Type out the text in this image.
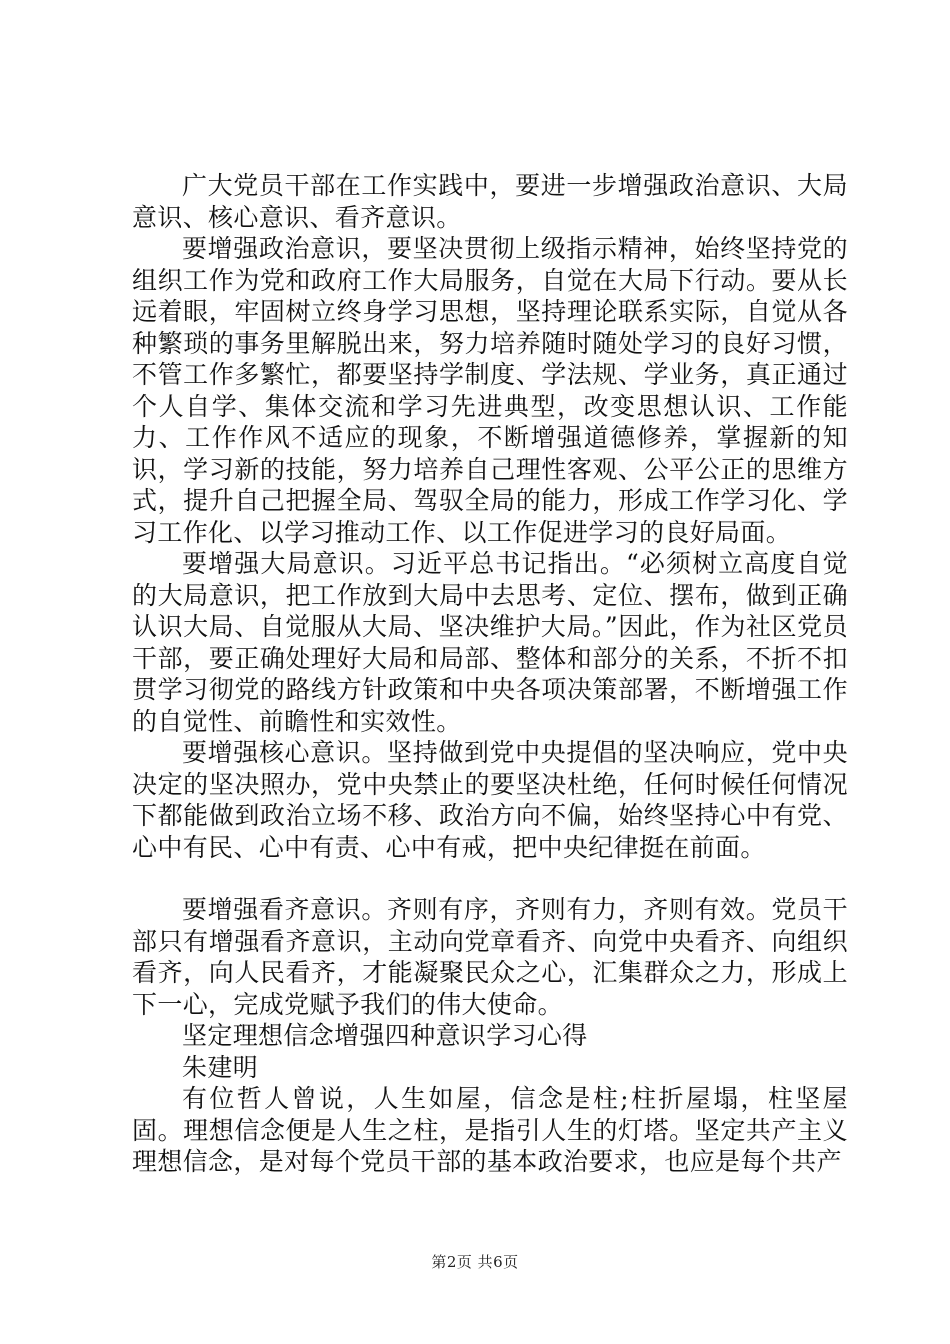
广大党员干部在工作实践中，要进一步增强政治意识、大局意识、核心意识、看齐意识。

要增强政治意识，要坚决贯彻上级指示精神，始终坚持党的组织工作为党和政府工作大局服务，自觉在大局下行动。要从长远着眼，牢固树立终身学习思想，坚持理论联系实际，自觉从各种繁琐的事务里解脱出来，努力培养随时随处学习的良好习惯，不管工作多繁忙，都要坚持学制度、学法规、学业务，真正通过个人自学、集体交流和学习先进典型，改变思想认识、工作能力、工作作风不适应的现象，不断增强道德修养，掌握新的知识，学习新的技能，努力培养自己理性客观、公平公正的思维方式，提升自己把握全局、驾驭全局的能力，形成工作学习化、学习工作化、以学习推动工作、以工作促进学习的良好局面。

要增强大局意识。习近平总书记指出。“必须树立高度自觉的大局意识，把工作放到大局中去思考、定位、摆布，做到正确认识大局、自觉服从大局、坚决维护大局。”因此，作为社区党员干部，要正确处理好大局和局部、整体和部分的关系，不折不扣贯学习彻党的路线方针政策和中央各项决策部署，不断增强工作的自觉性、前瞻性和实效性。

要增强核心意识。坚持做到党中央提倡的坚决响应，党中央决定的坚决照办，党中央禁止的要坚决杜绝，任何时候任何情况下都能做到政治立场不移、政治方向不偏，始终坚持心中有党、心中有民、心中有责、心中有戒，把中央纪律挺在前面。

要增强看齐意识。齐则有序，齐则有力，齐则有效。党员干部只有增强看齐意识，主动向党章看齐、向党中央看齐、向组织看齐，向人民看齐，才能凝聚民众之心，汇集群众之力，形成上下一心，完成党赋予我们的伟大使命。

坚定理想信念增强四种意识学习心得

朱建明

有位哲人曾说，人生如屋，信念是柱;柱折屋塌，柱坚屋固。理想信念便是人生之柱，是指引人生的灯塔。坚定共产主义理想信念，是对每个党员干部的基本政治要求，也应是每个共产

第2页 共6页
